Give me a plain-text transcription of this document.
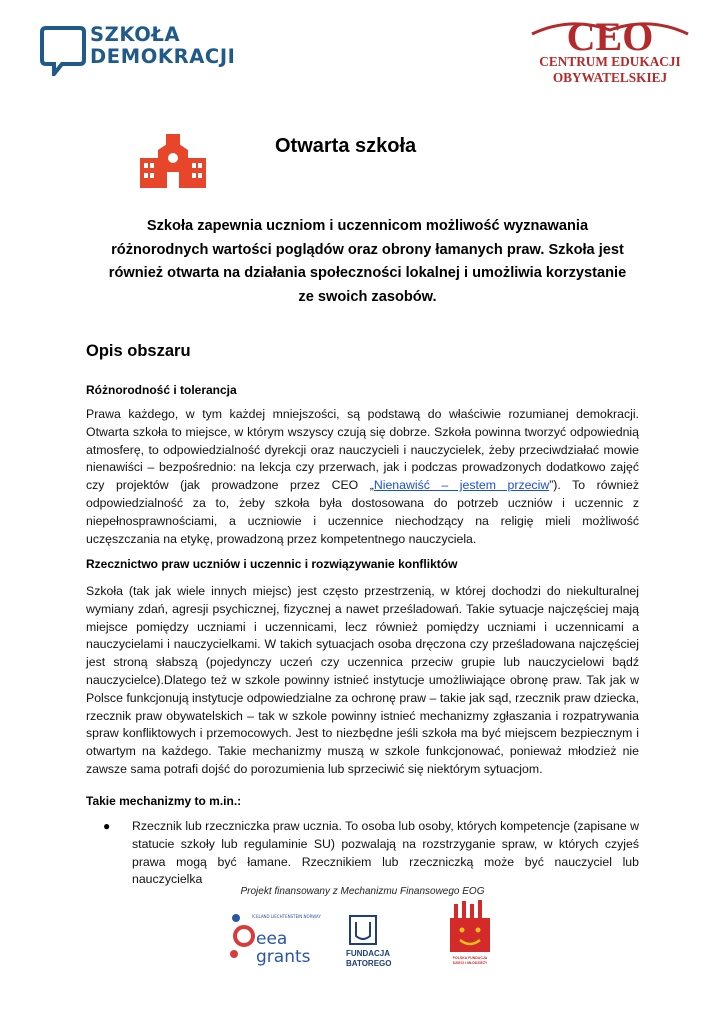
SZKOŁA
DEMOKRACJI	CEO
CENTRUM EDUKACJI
OBYWATELSKIEJ
Otwarta szkoła
Szkoła zapewnia uczniom i uczennicom możliwość wyznawania różnorodnych wartości poglądów oraz obrony łamanych praw. Szkoła jest również otwarta na działania społeczności lokalnej i umożliwia korzystanie ze swoich zasobów.
Opis obszaru
Różnorodność i tolerancja
Prawa każdego, w tym każdej mniejszości, są podstawą do właściwie rozumianej demokracji. Otwarta szkoła to miejsce, w którym wszyscy czują się dobrze. Szkoła powinna tworzyć odpowiednią atmosferę, to odpowiedzialność dyrekcji oraz nauczycieli i nauczycielek, żeby przeciwdziałać mowie nienawiści – bezpośrednio: na lekcja czy przerwach, jak i podczas prowadzonych dodatkowo zajęć czy projektów (jak prowadzone przez CEO „Nienawiść – jestem przeciw”). To również odpowiedzialność za to, żeby szkoła była dostosowana do potrzeb uczniów i uczennic z niepełnosprawnościami, a uczniowie i uczennice niechodzący na religię mieli możliwość uczęszczania na etykę, prowadzoną przez kompetentnego nauczyciela.
Rzecznictwo praw uczniów i uczennic i rozwiązywanie konfliktów
Szkoła (tak jak wiele innych miejsc) jest często przestrzenią, w której dochodzi do niekulturalnej wymiany zdań, agresji psychicznej, fizycznej a nawet prześladowań. Takie sytuacje najczęściej mają miejsce pomiędzy uczniami i uczennicami, lecz również pomiędzy uczniami i uczennicami a nauczycielami i nauczycielkami. W takich sytuacjach osoba dręczona czy prześladowana najczęściej jest stroną słabszą (pojedynczy uczeń czy uczennica przeciw grupie lub nauczycielowi bądź nauczycielce).Dlatego też w szkole powinny istnieć instytucje umożliwiające obronę praw. Tak jak w Polsce funkcjonują instytucje odpowiedzialne za ochronę praw – takie jak sąd, rzecznik praw dziecka, rzecznik praw obywatelskich – tak w szkole powinny istnieć mechanizmy zgłaszania i rozpatrywania spraw konfliktowych i przemocowych. Jest to niezbędne jeśli szkoła ma być miejscem bezpiecznym i otwartym na każdego. Takie mechanizmy muszą w szkole funkcjonować, ponieważ młodzież nie zawsze sama potrafi dojść do porozumienia lub sprzeciwić się niektórym sytuacjom.
Takie mechanizmy to m.in.:
● Rzecznik lub rzeczniczka praw ucznia. To osoba lub osoby, których kompetencje (zapisane w statucie szkoły lub regulaminie SU) pozwalają na rozstrzyganie spraw, w których czyjeś prawa mogą być łamane. Rzecznikiem lub rzeczniczką może być nauczyciel lub nauczycielka
Projekt finansowany z Mechanizmu Finansowego EOG
ICELAND LIECHTENSTEIN NORWAY
eea
grants	FUNDACJA
BATOREGO
POLSKA FUNDACJA
DZIECI I MŁODZIEŻY
